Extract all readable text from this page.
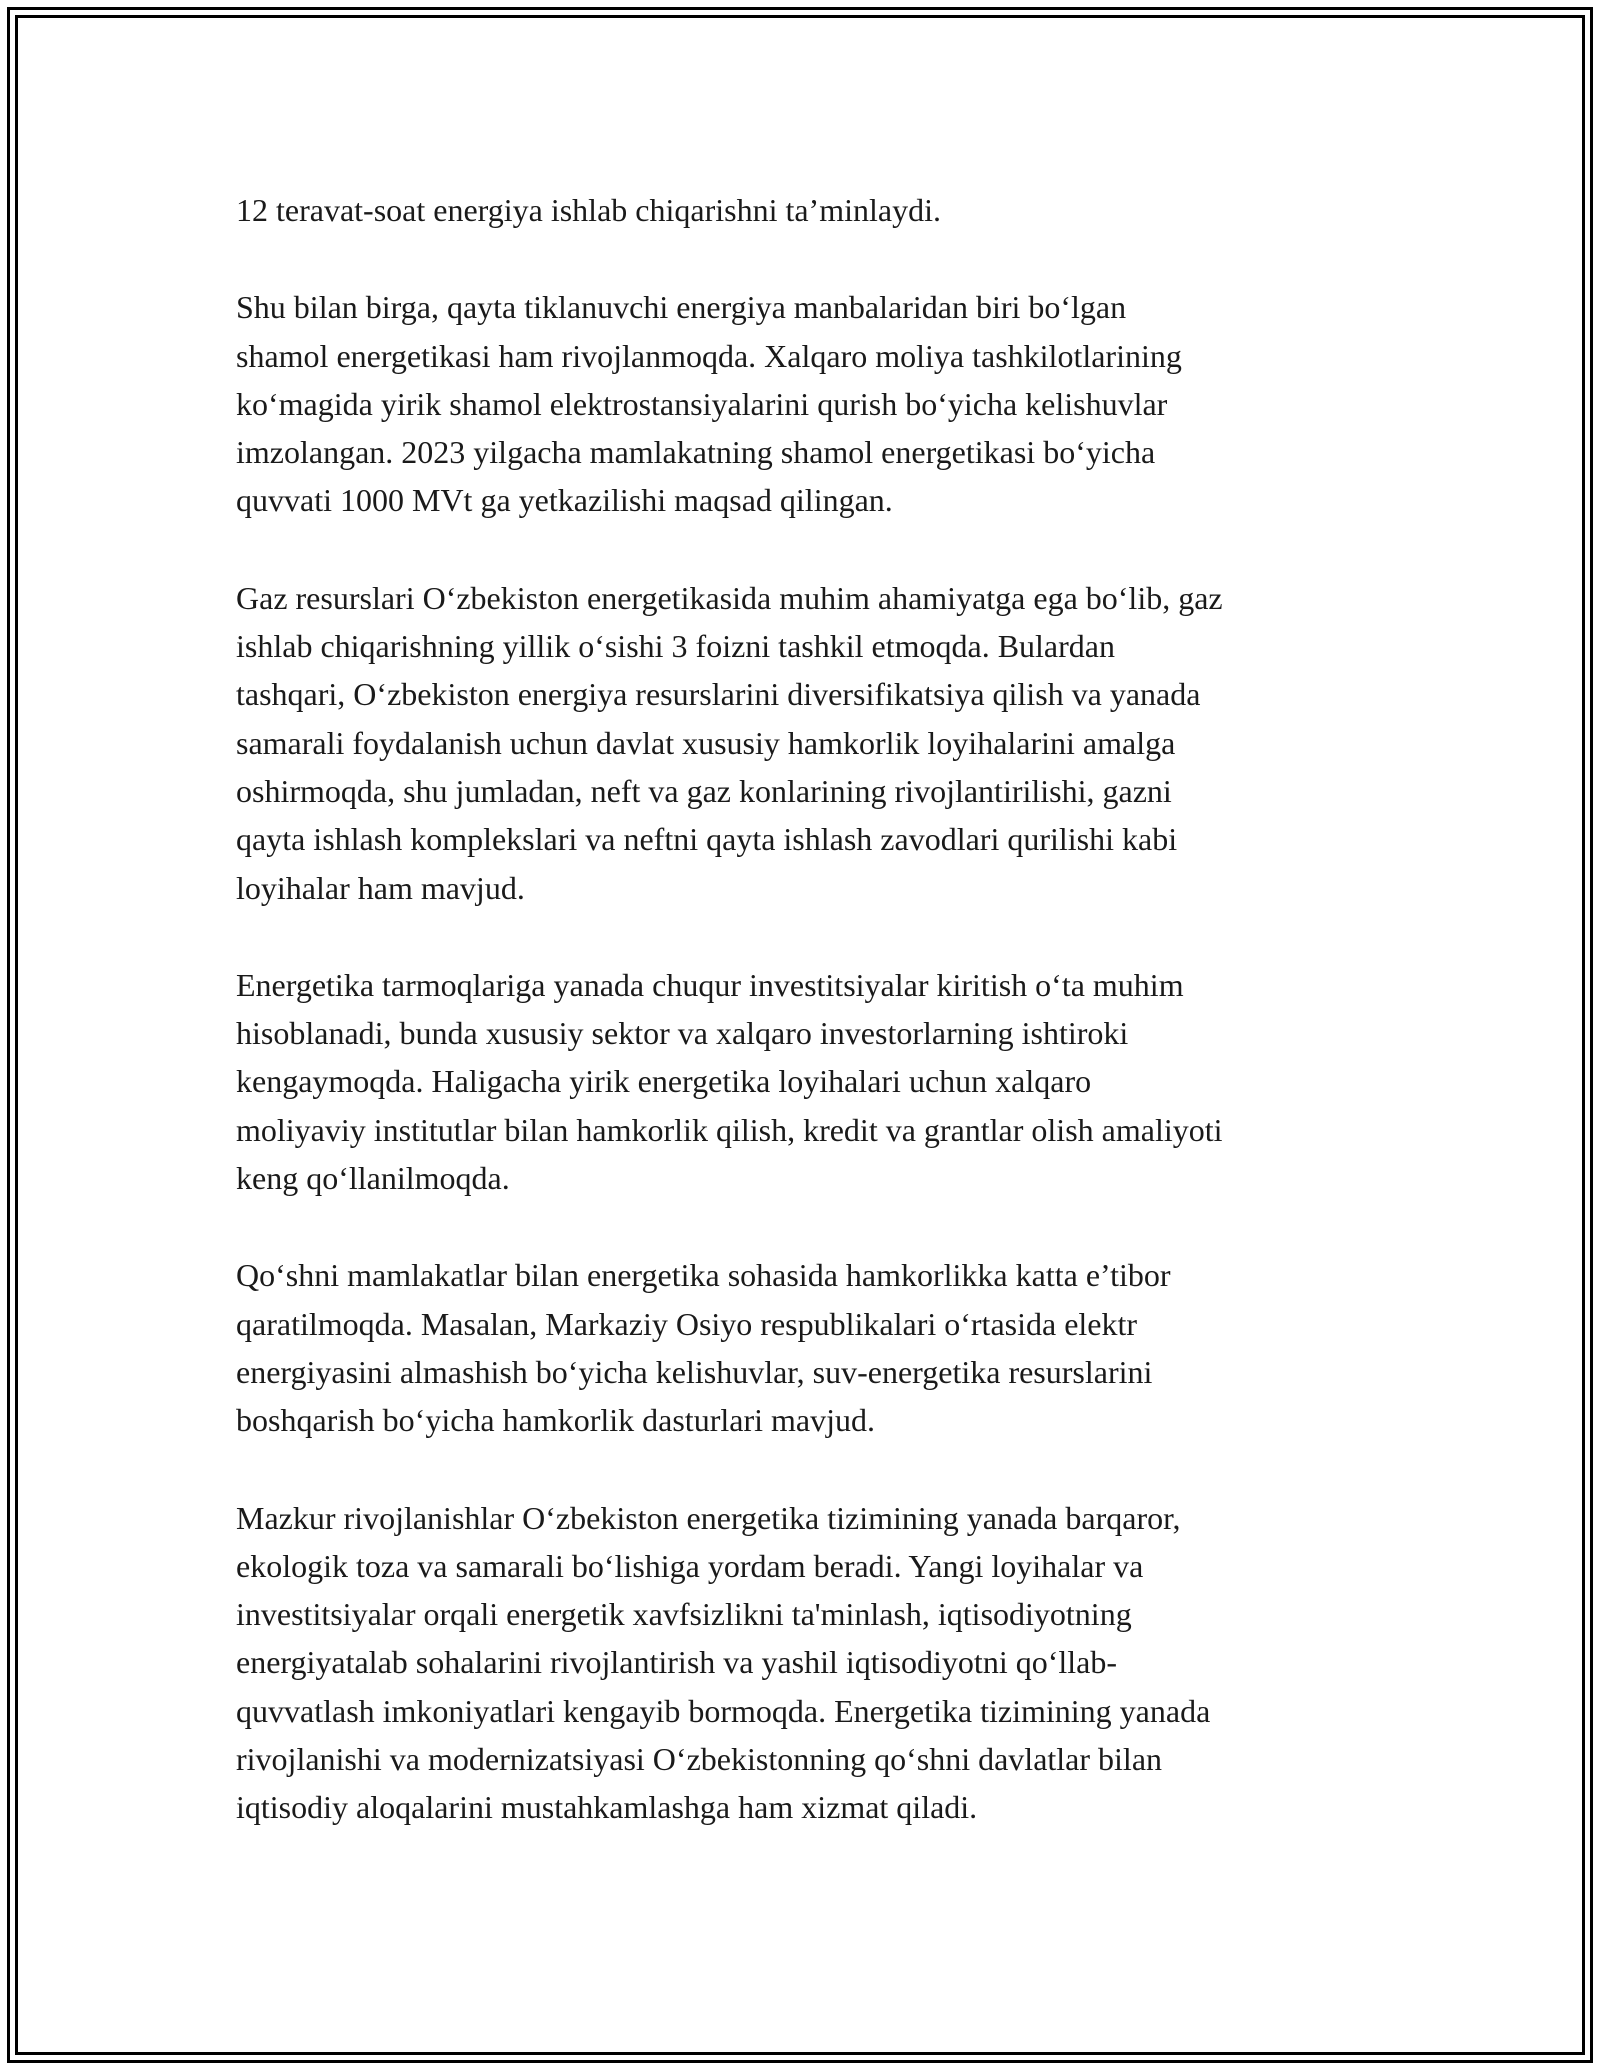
12 teravat-soat energiya ishlab chiqarishni ta’minlaydi.

Shu bilan birga, qayta tiklanuvchi energiya manbalaridan biri bo‘lgan
shamol energetikasi ham rivojlanmoqda. Xalqaro moliya tashkilotlarining
ko‘magida yirik shamol elektrostansiyalarini qurish bo‘yicha kelishuvlar
imzolangan. 2023 yilgacha mamlakatning shamol energetikasi bo‘yicha
quvvati 1000 MVt ga yetkazilishi maqsad qilingan.

Gaz resurslari O‘zbekiston energetikasida muhim ahamiyatga ega bo‘lib, gaz
ishlab chiqarishning yillik o‘sishi 3 foizni tashkil etmoqda. Bulardan
tashqari, O‘zbekiston energiya resurslarini diversifikatsiya qilish va yanada
samarali foydalanish uchun davlat xususiy hamkorlik loyihalarini amalga
oshirmoqda, shu jumladan, neft va gaz konlarining rivojlantirilishi, gazni
qayta ishlash komplekslari va neftni qayta ishlash zavodlari qurilishi kabi
loyihalar ham mavjud.

Energetika tarmoqlariga yanada chuqur investitsiyalar kiritish o‘ta muhim
hisoblanadi, bunda xususiy sektor va xalqaro investorlarning ishtiroki
kengaymoqda. Haligacha yirik energetika loyihalari uchun xalqaro
moliyaviy institutlar bilan hamkorlik qilish, kredit va grantlar olish amaliyoti
keng qo‘llanilmoqda.

Qo‘shni mamlakatlar bilan energetika sohasida hamkorlikka katta e’tibor
qaratilmoqda. Masalan, Markaziy Osiyo respublikalari o‘rtasida elektr
energiyasini almashish bo‘yicha kelishuvlar, suv-energetika resurslarini
boshqarish bo‘yicha hamkorlik dasturlari mavjud.

Mazkur rivojlanishlar O‘zbekiston energetika tizimining yanada barqaror,
ekologik toza va samarali bo‘lishiga yordam beradi. Yangi loyihalar va
investitsiyalar orqali energetik xavfsizlikni ta'minlash, iqtisodiyotning
energiyatalab sohalarini rivojlantirish va yashil iqtisodiyotni qo‘llab-
quvvatlash imkoniyatlari kengayib bormoqda. Energetika tizimining yanada
rivojlanishi va modernizatsiyasi O‘zbekistonning qo‘shni davlatlar bilan
iqtisodiy aloqalarini mustahkamlashga ham xizmat qiladi.
